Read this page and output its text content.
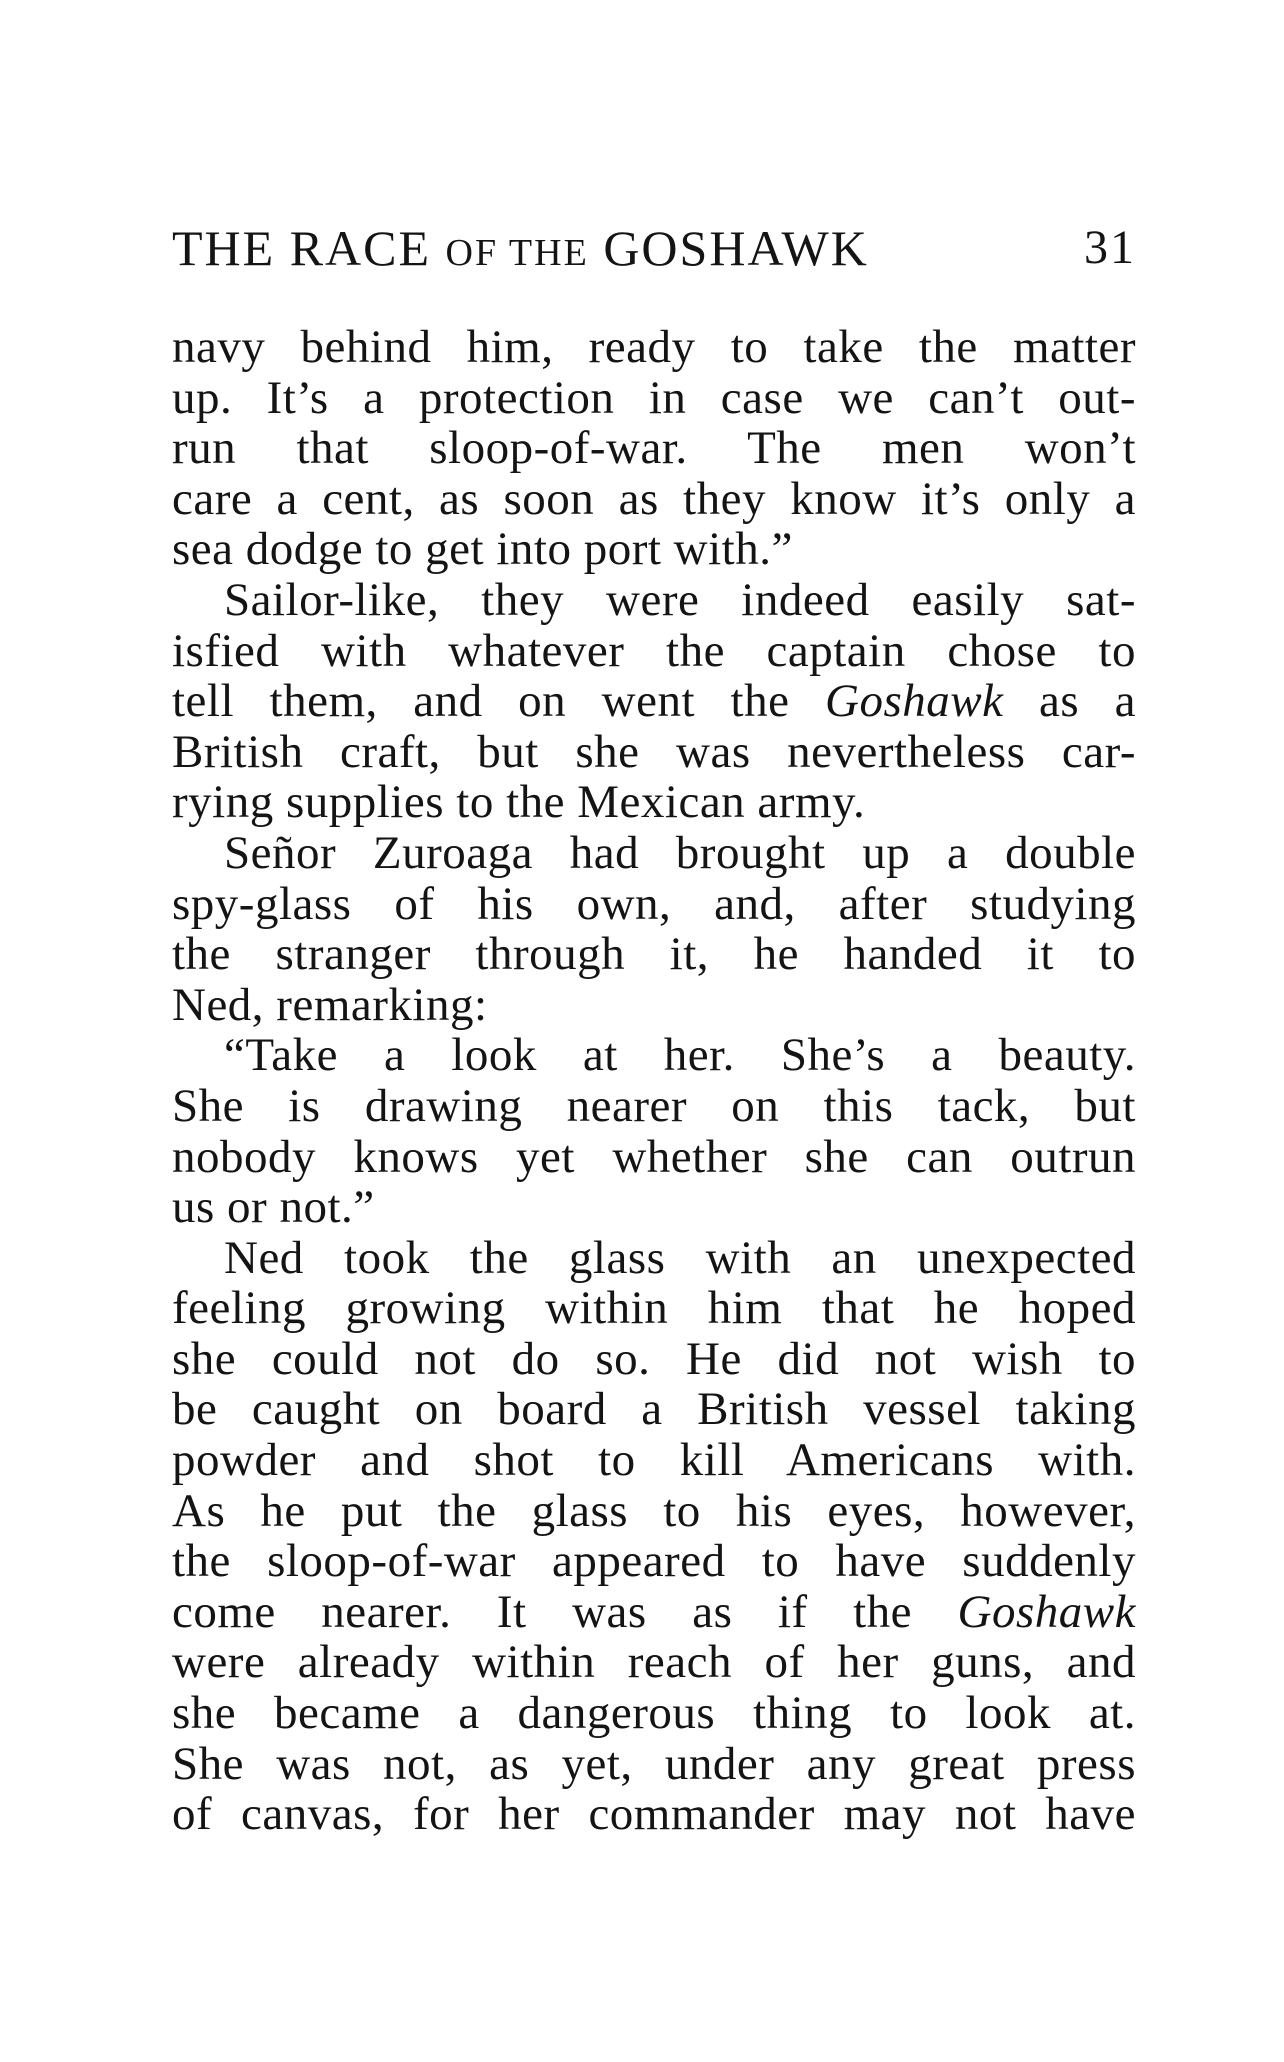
THE RACE OF THE GOSHAWK	31
navy behind him, ready to take the matter
up. It’s a protection in case we can’t out-
run that sloop-of-war. The men won’t
care a cent, as soon as they know it’s only a
sea dodge to get into port with.”
Sailor-like, they were indeed easily sat-
isfied with whatever the captain chose to
tell them, and on went the Goshawk as a
British craft, but she was nevertheless car-
rying supplies to the Mexican army.
Señor Zuroaga had brought up a double
spy-glass of his own, and, after studying
the stranger through it, he handed it to
Ned, remarking:
“Take a look at her. She’s a beauty.
She is drawing nearer on this tack, but
nobody knows yet whether she can outrun
us or not.”
Ned took the glass with an unexpected
feeling growing within him that he hoped
she could not do so. He did not wish to
be caught on board a British vessel taking
powder and shot to kill Americans with.
As he put the glass to his eyes, however,
the sloop-of-war appeared to have suddenly
come nearer. It was as if the Goshawk
were already within reach of her guns, and
she became a dangerous thing to look at.
She was not, as yet, under any great press
of canvas, for her commander may not have
